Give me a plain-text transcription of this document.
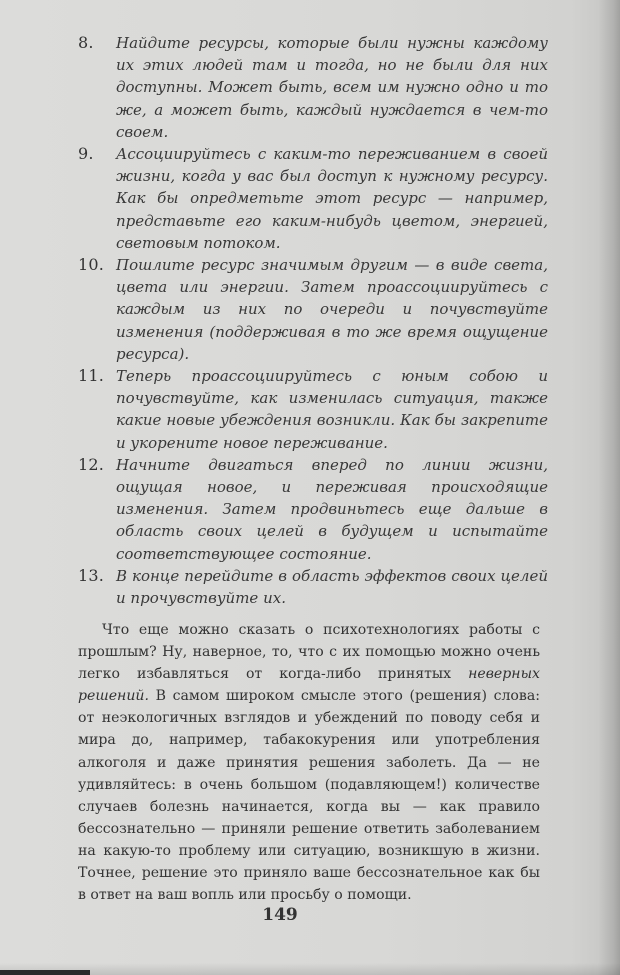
8.	Найдите ресурсы, которые были нужны каждому их этих людей там и тогда, но не были для них доступны. Может быть, всем им нужно одно и то же, а может быть, каждый нуждается в чем-то своем.
9.	Ассоциируйтесь с каким-то переживанием в своей жизни, когда у вас был доступ к нужному ресурсу. Как бы опредметьте этот ресурс — например, представьте его каким-нибудь цветом, энергией, световым потоком.
10. Пошлите ресурс значимым другим — в виде света, цвета или энергии. Затем проассоциируйтесь с каждым из них по очереди и почувствуйте изменения (поддерживая в то же время ощущение ресурса).
11. Теперь проассоциируйтесь с юным собою и почувствуйте, как изменилась ситуация, также какие новые убеждения возникли. Как бы закрепите и укорените новое переживание.
12. Начните двигаться вперед по линии жизни, ощущая новое, и переживая происходящие изменения. Затем продвиньтесь еще дальше в область своих целей в будущем и испытайте соответствующее состояние.
13. В конце перейдите в область эффектов своих целей и прочувствуйте их.

Что еще можно сказать о психотехнологиях работы с прошлым? Ну, наверное, то, что с их помощью можно очень легко избавляться от когда-либо принятых неверных решений. В самом широком смысле этого (решения) слова: от неэкологичных взглядов и убеждений по поводу себя и мира до, например, табакокурения или употребления алкоголя и даже принятия решения заболеть. Да — не удивляйтесь: в очень большом (подавляющем!) количестве случаев болезнь начинается, когда вы — как правило бессознательно — приняли решение ответить заболеванием на какую-то проблему или ситуацию, возникшую в жизни. Точнее, решение это приняло ваше бессознательное как бы в ответ на ваш вопль или просьбу о помощи.

149
